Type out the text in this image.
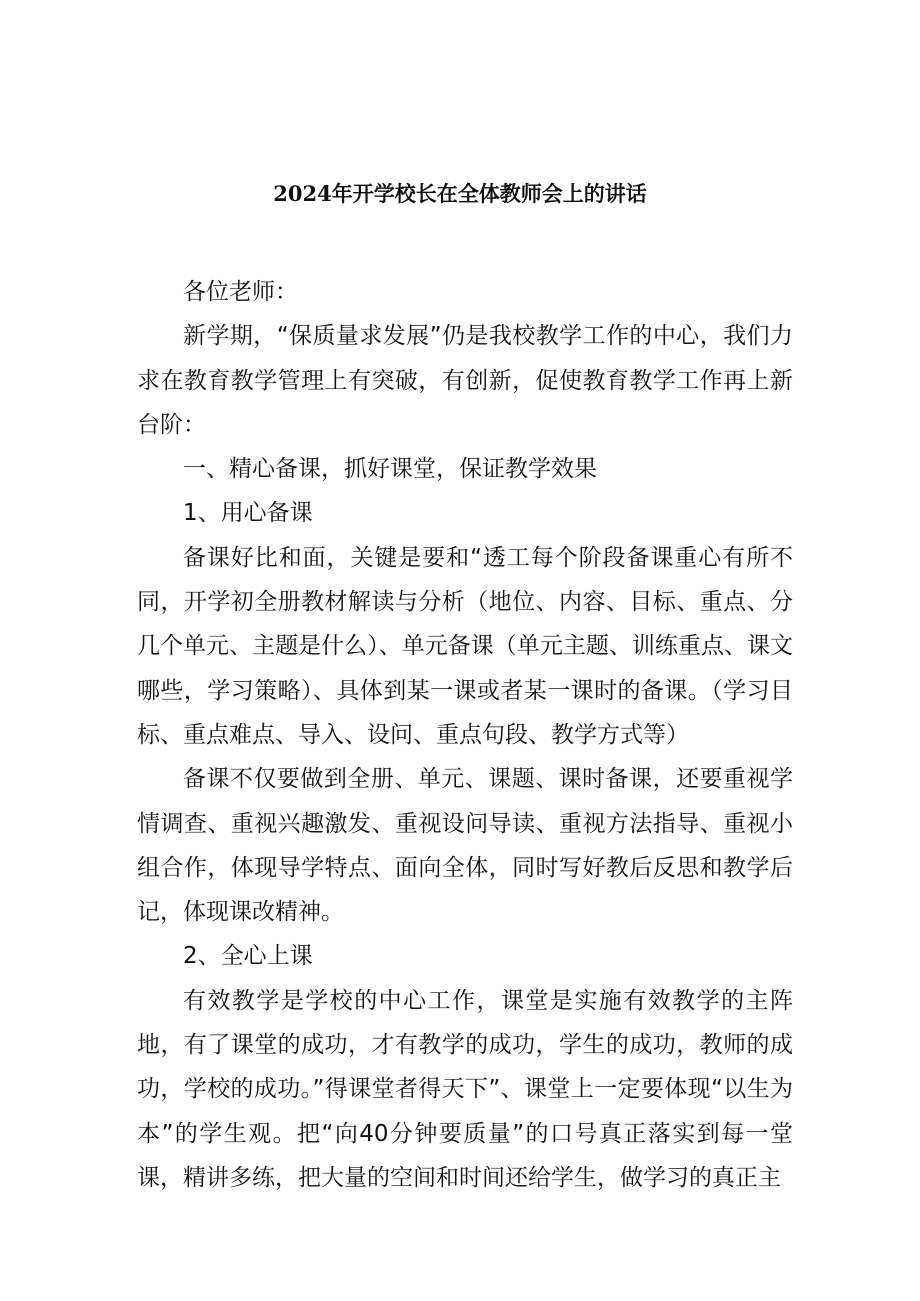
2024年开学校长在全体教师会上的讲话

各位老师：

新学期，“保质量求发展”仍是我校教学工作的中心，我们力求在教育教学管理上有突破，有创新，促使教育教学工作再上新台阶：

一、精心备课，抓好课堂，保证教学效果

1、用心备课

备课好比和面，关键是要和“透工每个阶段备课重心有所不同，开学初全册教材解读与分析（地位、内容、目标、重点、分几个单元、主题是什么）、单元备课（单元主题、训练重点、课文哪些，学习策略）、具体到某一课或者某一课时的备课。（学习目标、重点难点、导入、设问、重点句段、教学方式等）

备课不仅要做到全册、单元、课题、课时备课，还要重视学情调查、重视兴趣激发、重视设问导读、重视方法指导、重视小组合作，体现导学特点、面向全体，同时写好教后反思和教学后记，体现课改精神。

2、全心上课

有效教学是学校的中心工作，课堂是实施有效教学的主阵地，有了课堂的成功，才有教学的成功，学生的成功，教师的成功，学校的成功。”得课堂者得天下”、课堂上一定要体现“以生为本”的学生观。把“向40分钟要质量”的口号真正落实到每一堂课，精讲多练，把大量的空间和时间还给学生，做学习的真正主
